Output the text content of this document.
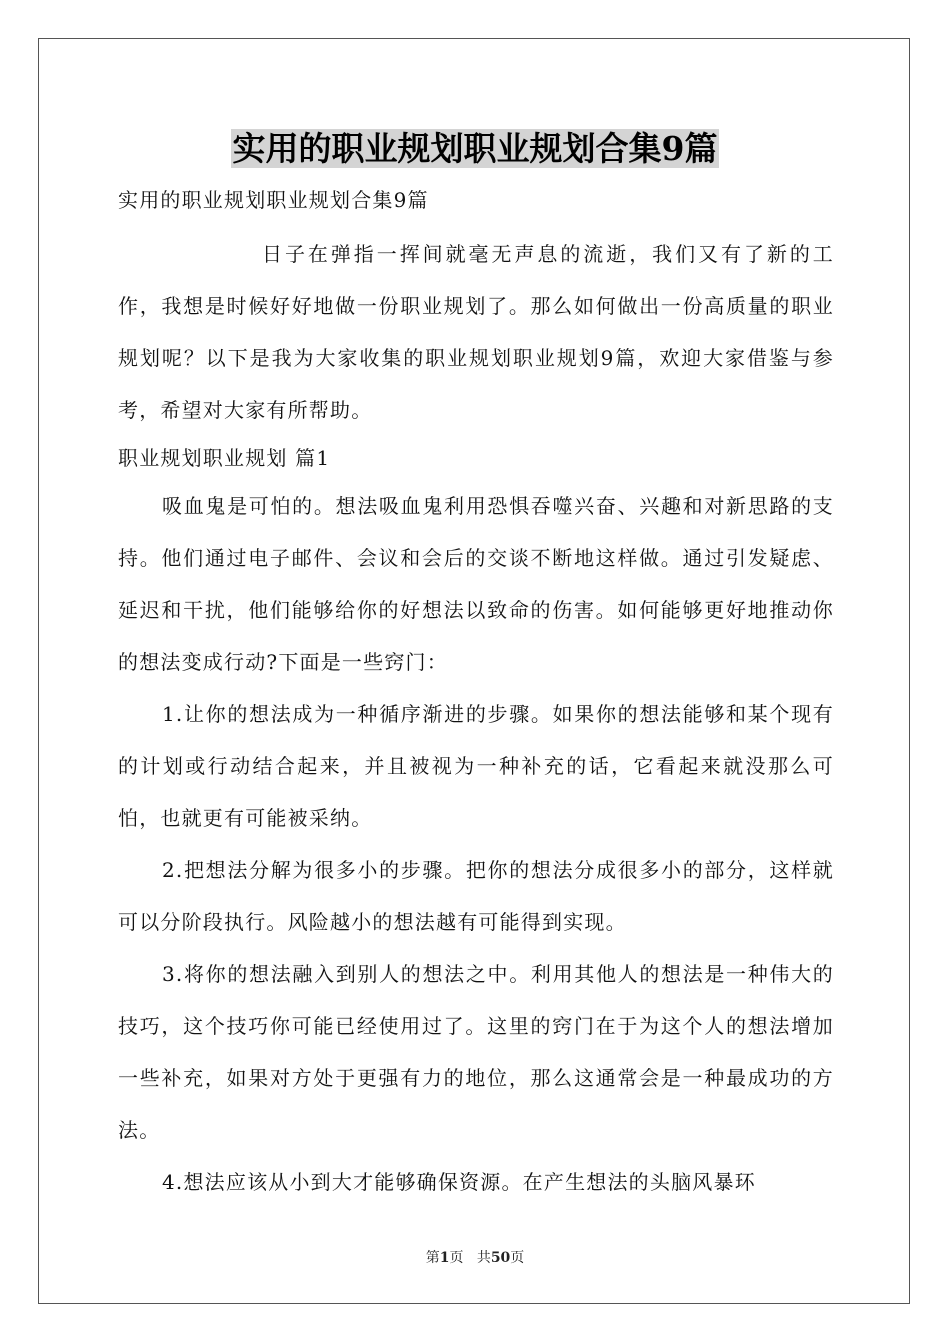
实用的职业规划职业规划合集9篇
实用的职业规划职业规划合集9篇

日子在弹指一挥间就毫无声息的流逝，我们又有了新的工作，我想是时候好好地做一份职业规划了。那么如何做出一份高质量的职业规划呢？以下是我为大家收集的职业规划职业规划9篇，欢迎大家借鉴与参考，希望对大家有所帮助。

职业规划职业规划 篇1

吸血鬼是可怕的。想法吸血鬼利用恐惧吞噬兴奋、兴趣和对新思路的支持。他们通过电子邮件、会议和会后的交谈不断地这样做。通过引发疑虑、延迟和干扰，他们能够给你的好想法以致命的伤害。如何能够更好地推动你的想法变成行动?下面是一些窍门：

1.让你的想法成为一种循序渐进的步骤。如果你的想法能够和某个现有的计划或行动结合起来，并且被视为一种补充的话，它看起来就没那么可怕，也就更有可能被采纳。

2.把想法分解为很多小的步骤。把你的想法分成很多小的部分，这样就可以分阶段执行。风险越小的想法越有可能得到实现。

3.将你的想法融入到别人的想法之中。利用其他人的想法是一种伟大的技巧，这个技巧你可能已经使用过了。这里的窍门在于为这个人的想法增加一些补充，如果对方处于更强有力的地位，那么这通常会是一种最成功的方法。

4.想法应该从小到大才能够确保资源。在产生想法的头脑风暴环

第1页 共50页
